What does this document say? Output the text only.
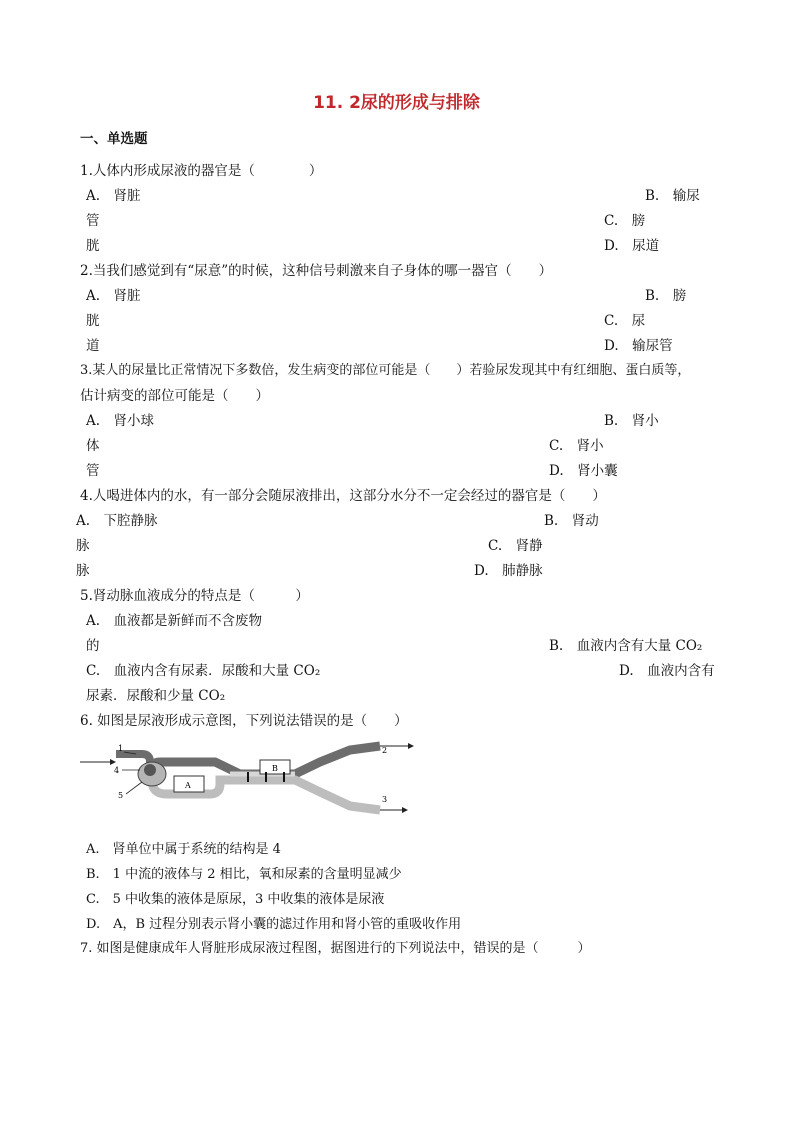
11. 2尿的形成与排除
一、单选题
1.人体内形成尿液的器官是（　　　　）
A.　肾脏	B.　输尿
管	C.　膀
胱	D.　尿道
2.当我们感觉到有“尿意”的时候，这种信号刺激来自子身体的哪一器官（　　）
A.　肾脏	B.　膀
胱	C.　尿
道	D.　输尿管
3.某人的尿量比正常情况下多数倍，发生病变的部位可能是（　　）若验尿发现其中有红细胞、蛋白质等，
估计病变的部位可能是（　　）
A.　肾小球	B.　肾小
体	C.　肾小
管	D.　肾小囊
4.人喝进体内的水，有一部分会随尿液排出，这部分水分不一定会经过的器官是（　　）
A.　下腔静脉	B.　肾动
脉	C.　肾静
脉	D.　肺静脉
5.肾动脉血液成分的特点是（　　　）
A.　血液都是新鲜而不含废物
的	B.　血液内含有大量 CO₂
C.　血液内含有尿素．尿酸和大量 CO₂	D.　血液内含有
尿素．尿酸和少量 CO₂
6. 如图是尿液形成示意图，下列说法错误的是（　　）
1	2
3
4
5
A
B
A.　肾单位中属于系统的结构是 4
B.　1 中流的液体与 2 相比，氧和尿素的含量明显减少
C.　5 中收集的液体是原尿，3 中收集的液体是尿液
D.　A，B 过程分别表示肾小囊的滤过作用和肾小管的重吸收作用
7. 如图是健康成年人肾脏形成尿液过程图，据图进行的下列说法中，错误的是（　　　）
